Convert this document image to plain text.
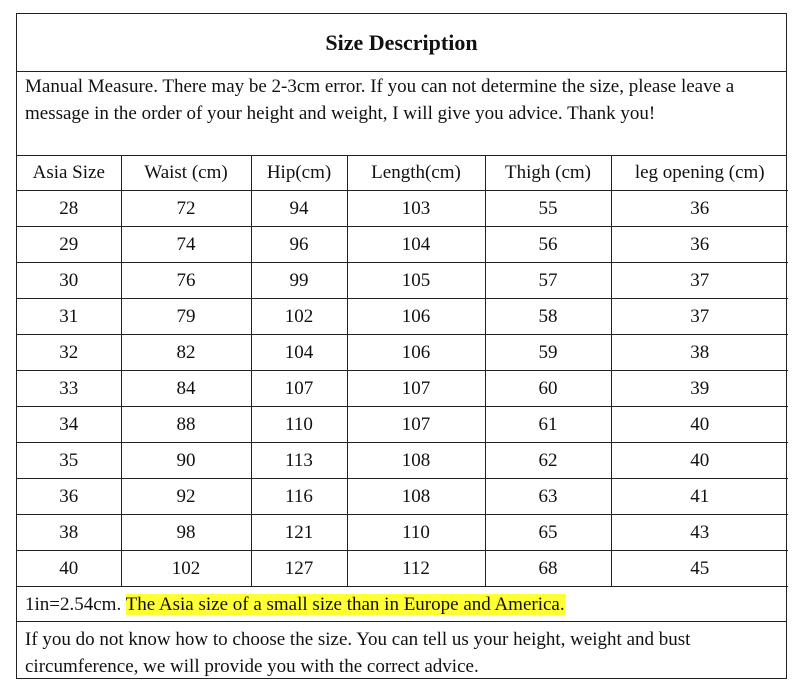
Size Description
Manual Measure. There may be 2-3cm error. If you can not determine the size, please leave a message in the order of your height and weight, I will give you advice. Thank you!
Asia Size	Waist (cm)	Hip(cm)	Length(cm)	Thigh (cm)	leg opening (cm)
28	72	94	103	55	36
29	74	96	104	56	36
30	76	99	105	57	37
31	79	102	106	58	37
32	82	104	106	59	38
33	84	107	107	60	39
34	88	110	107	61	40
35	90	113	108	62	40
36	92	116	108	63	41
38	98	121	110	65	43
40	102	127	112	68	45
1in=2.54cm. The Asia size of a small size than in Europe and America.
If you do not know how to choose the size. You can tell us your height, weight and bust circumference, we will provide you with the correct advice.
